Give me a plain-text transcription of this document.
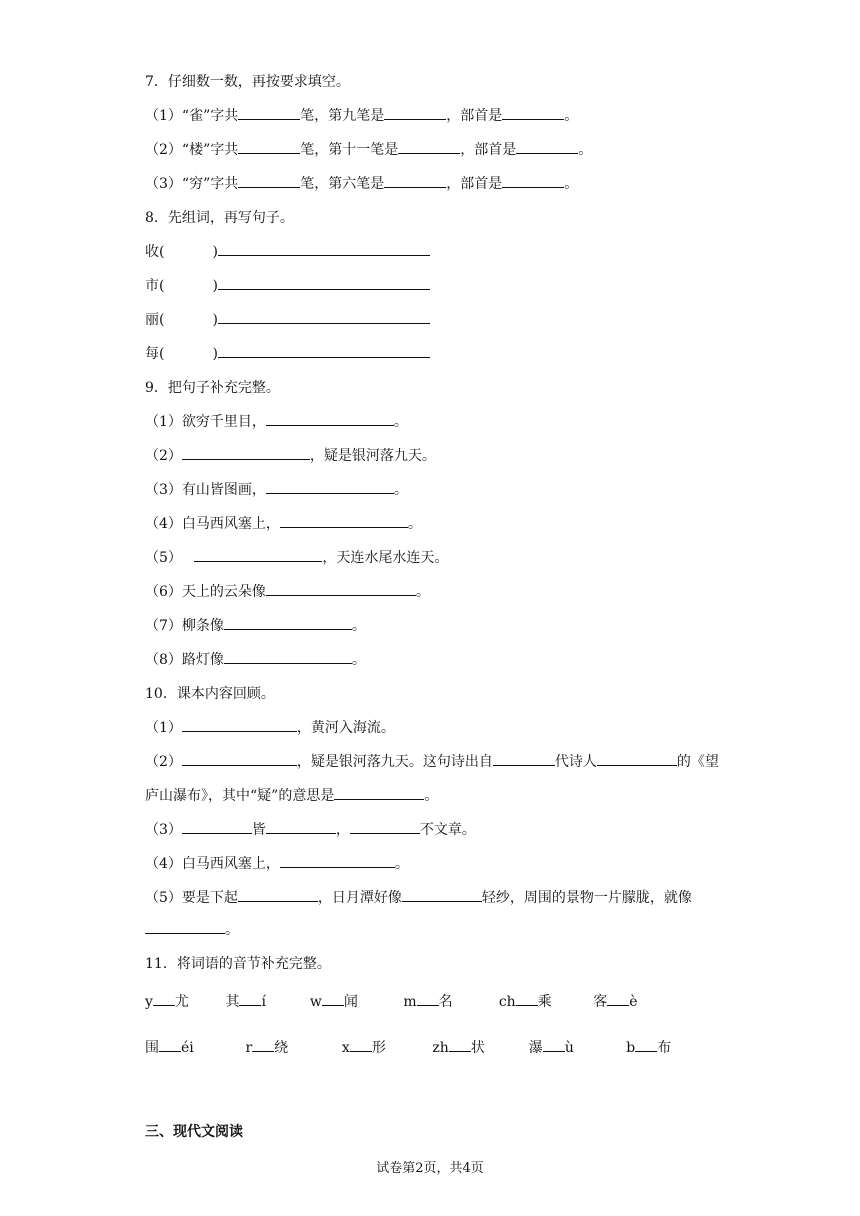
7．仔细数一数，再按要求填空。
（1）“雀”字共	笔，第九笔是	，部首是	。
（2）“楼”字共	笔，第十一笔是	，部首是	。
（3）“穷”字共	笔，第六笔是	，部首是	。
8．先组词，再写句子。
收(	)
市(	)
丽(	)
每(	)
9．把句子补充完整。
（1）欲穷千里目，	。
（2）	，疑是银河落九天。
（3）有山皆图画，	。
（4）白马西风塞上，	。
（5）	，天连水尾水连天。
（6）天上的云朵像	。
（7）柳条像	。
（8）路灯像	。
10．课本内容回顾。
（1）	，黄河入海流。
（2）	，疑是银河落九天。这句诗出自	代诗人	的《望
庐山瀑布》，其中“疑”的意思是	。
（3）	皆	，	不文章。
（4）白马西风塞上，	。
（5）要是下起	，日月潭好像	轻纱，周围的景物一片朦胧，就像
。
11．将词语的音节补充完整。
y 尤	其 í	w 闻	m 名	ch 乘	客 è
围éi	r 绕	x 形	zh 状	瀑ù	b 布
三、现代文阅读
试卷第2页，共4页
